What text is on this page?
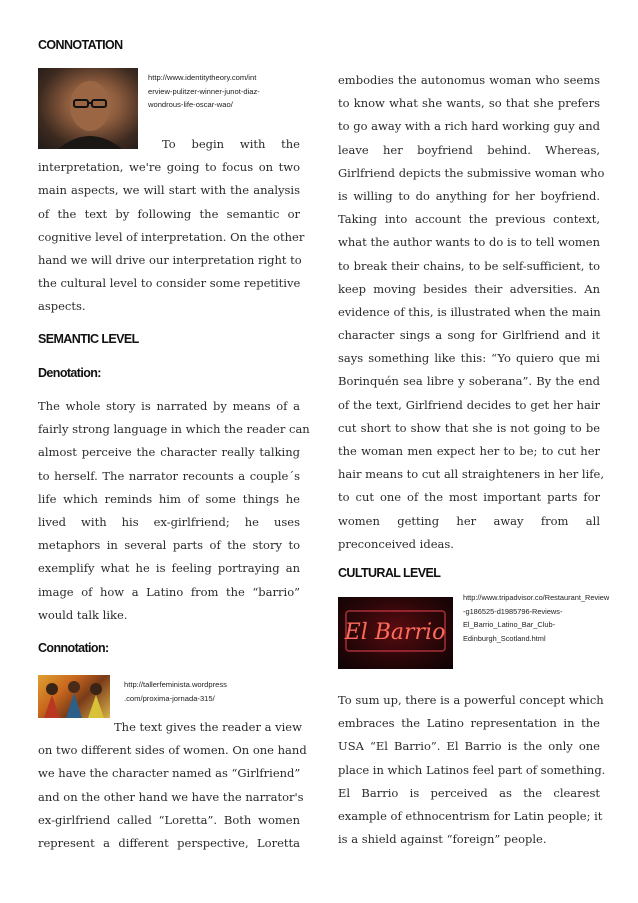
CONNOTATION
http://www.identitytheory.com/int
erview-pulitzer-winner-junot-diaz-
wondrous-life-oscar-wao/
To begin with the
interpretation, we're going to focus on two
main aspects, we will start with the analysis
of the text by following the semantic or
cognitive level of interpretation. On the other
hand we will drive our interpretation right to
the cultural level to consider some repetitive
aspects.
SEMANTIC LEVEL
Denotation:
The whole story is narrated by means of a
fairly strong language in which the reader can
almost perceive the character really talking
to herself. The narrator recounts a couple´s
life which reminds him of some things he
lived with his ex-girlfriend; he uses
metaphors in several parts of the story to
exemplify what he is feeling portraying an
image of how a Latino from the “barrio”
would talk like.
Connotation:
http://tallerfeminista.wordpress
.com/proxima-jornada-315/
The text gives the reader a view
on two different sides of women. On one hand
we have the character named as “Girlfriend”
and on the other hand we have the narrator's
ex-girlfriend called “Loretta”. Both women
represent a different perspective, Loretta
embodies the autonomus woman who seems
to know what she wants, so that she prefers
to go away with a rich hard working guy and
leave her boyfriend behind. Whereas,
Girlfriend depicts the submissive woman who
is willing to do anything for her boyfriend.
Taking into account the previous context,
what the author wants to do is to tell women
to break their chains, to be self-sufficient, to
keep moving besides their adversities. An
evidence of this, is illustrated when the main
character sings a song for Girlfriend and it
says something like this: “Yo quiero que mi
Borinquén sea libre y soberana”. By the end
of the text, Girlfriend decides to get her hair
cut short to show that she is not going to be
the woman men expect her to be; to cut her
hair means to cut all straighteners in her life,
to cut one of the most important parts for
women getting her away from all
preconceived ideas.
CULTURAL LEVEL
El Barrio
http://www.tripadvisor.co/Restaurant_Review
-g186525-d1985796-Reviews-
El_Barrio_Latino_Bar_Club-
Edinburgh_Scotland.html
To sum up, there is a powerful concept which
embraces the Latino representation in the
USA “El Barrio”. El Barrio is the only one
place in which Latinos feel part of something.
El Barrio is perceived as the clearest
example of ethnocentrism for Latin people; it
is a shield against “foreign” people.
